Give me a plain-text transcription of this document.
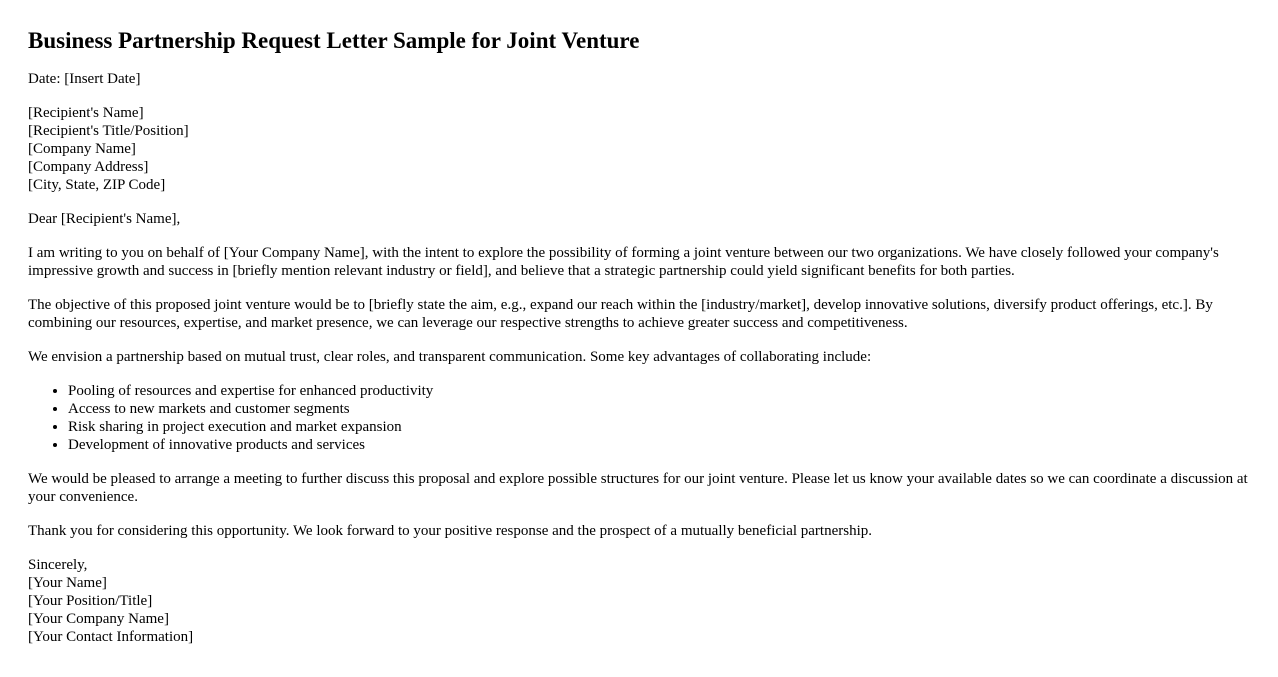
Business Partnership Request Letter Sample for Joint Venture

Date: [Insert Date]

[Recipient's Name]
[Recipient's Title/Position]
[Company Name]
[Company Address]
[City, State, ZIP Code]

Dear [Recipient's Name],

I am writing to you on behalf of [Your Company Name], with the intent to explore the possibility of forming a joint venture between our two organizations. We have closely followed your company's impressive growth and success in [briefly mention relevant industry or field], and believe that a strategic partnership could yield significant benefits for both parties.

The objective of this proposed joint venture would be to [briefly state the aim, e.g., expand our reach within the [industry/market], develop innovative solutions, diversify product offerings, etc.]. By combining our resources, expertise, and market presence, we can leverage our respective strengths to achieve greater success and competitiveness.

We envision a partnership based on mutual trust, clear roles, and transparent communication. Some key advantages of collaborating include:

• Pooling of resources and expertise for enhanced productivity
• Access to new markets and customer segments
• Risk sharing in project execution and market expansion
• Development of innovative products and services

We would be pleased to arrange a meeting to further discuss this proposal and explore possible structures for our joint venture. Please let us know your available dates so we can coordinate a discussion at your convenience.

Thank you for considering this opportunity. We look forward to your positive response and the prospect of a mutually beneficial partnership.

Sincerely,
[Your Name]
[Your Position/Title]
[Your Company Name]
[Your Contact Information]
